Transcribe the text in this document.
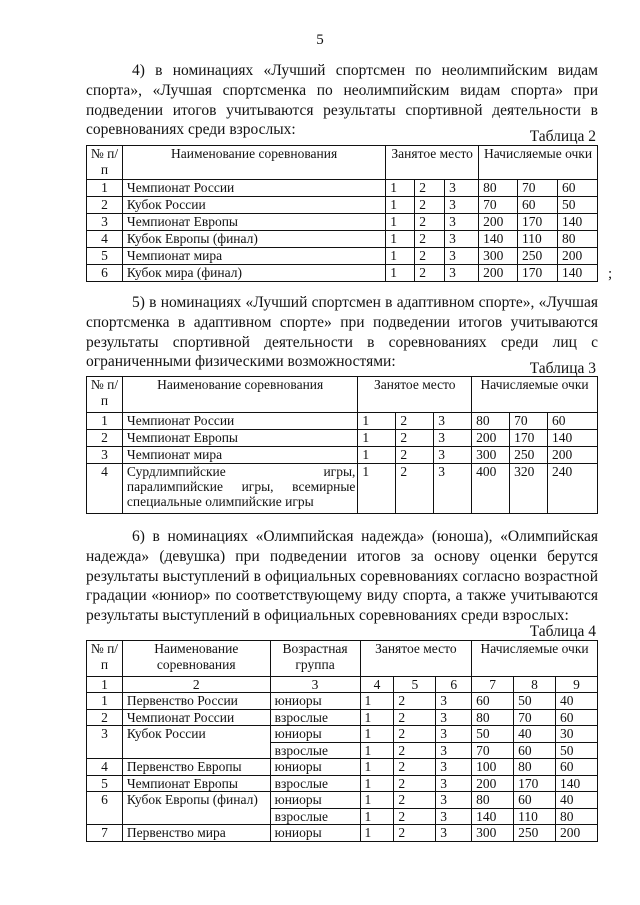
5

4) в номинациях «Лучший спортсмен по неолимпийским видам спорта», «Лучшая спортсменка по неолимпийским видам спорта» при подведении итогов учитываются результаты спортивной деятельности в соревнованиях среди взрослых:	Таблица 2
№ п/п	Наименование соревнования	Занятое место			Начисляемые очки		
1	Чемпионат России	1	2	3	80	70	60
2	Кубок России	1	2	3	70	60	50
3	Чемпионат Европы	1	2	3	200	170	140
4	Кубок Европы (финал)	1	2	3	140	110	80
5	Чемпионат мира	1	2	3	300	250	200
6	Кубок мира (финал)	1	2	3	200	170	140 ;

5) в номинациях «Лучший спортсмен в адаптивном спорте», «Лучшая спортсменка в адаптивном спорте» при подведении итогов учитываются результаты спортивной деятельности в соревнованиях среди лиц с ограниченными физическими возможностями:	Таблица 3
№ п/п	Наименование соревнования	Занятое место			Начисляемые очки		
1	Чемпионат России	1	2	3	80	70	60
2	Чемпионат Европы	1	2	3	200	170	140
3	Чемпионат мира	1	2	3	300	250	200
4	Сурдлимпийские игры, паралимпийские игры, всемирные специальные олимпийские игры	1	2	3	400	320	240

6) в номинациях «Олимпийская надежда» (юноша), «Олимпийская надежда» (девушка) при подведении итогов за основу оценки берутся результаты выступлений в официальных соревнованиях согласно возрастной градации «юниор» по соответствующему виду спорта, а также учитываются результаты выступлений в официальных соревнованиях среди взрослых:

Таблица 4
№ п/п	Наименование соревнования	Возрастная группа	Занятое место			Начисляемые очки		
1	2	3	4	5	6	7	8	9
1	Первенство России	юниоры	1	2	3	60	50	40
2	Чемпионат России	взрослые	1	2	3	80	70	60
3	Кубок России	юниоры	1	2	3	50	40	30
		взрослые	1	2	3	70	60	50
4	Первенство Европы	юниоры	1	2	3	100	80	60
5	Чемпионат Европы	взрослые	1	2	3	200	170	140
6	Кубок Европы (финал)	юниоры	1	2	3	80	60	40
		взрослые	1	2	3	140	110	80
7	Первенство мира	юниоры	1	2	3	300	250	200
